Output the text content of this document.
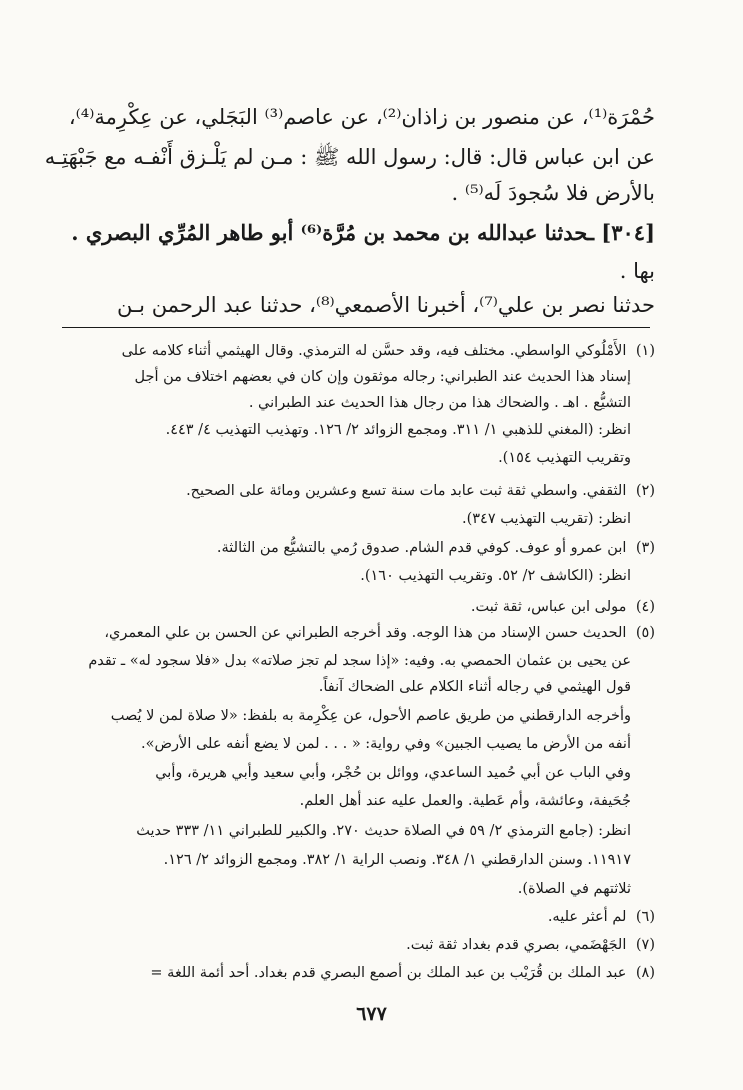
حُمْرَة⁽¹⁾، عن منصور بن زاذان⁽²⁾، عن عاصم⁽³⁾ البَجَلي، عن عِكْرِمة⁽⁴⁾،
عن ابن عباس قال: قال: رسول الله ﷺ : مـن لم يَلْـزق أَنْفـه مع جَبْهَتِـه
بالأرض فلا سُجودَ لَه⁽⁵⁾ .
[٣٠٤] ـحدثنا عبدالله بن محمد بن مُرَّة⁽⁶⁾ أبو طاهر المُرِّي البصري .
بها .
حدثنا نصر بن علي⁽⁷⁾، أخبرنا الأصمعي⁽⁸⁾، حدثنا عبد الرحمن بـن
(١) الأَمْلُوكي الواسطي. مختلف فيه، وقد حسَّن له الترمذي. وقال الهيثمي أثناء كلامه على
إسناد هذا الحديث عند الطبراني: رجاله موثقون وإن كان في بعضهم اختلاف من أجل
التشيُّع . اهـ . والضحاك هذا من رجال هذا الحديث عند الطبراني .
انظر: (المغني للذهبي ١/ ٣١١. ومجمع الزوائد ٢/ ١٢٦. وتهذيب التهذيب ٤/ ٤٤٣.
وتقريب التهذيب ١٥٤).
(٢) الثقفي. واسطي ثقة ثبت عابد مات سنة تسع وعشرين ومائة على الصحيح.
انظر: (تقريب التهذيب ٣٤٧).
(٣) ابن عمرو أو عوف. كوفي قدم الشام. صدوق رُمي بالتشيُّع من الثالثة.
انظر: (الكاشف ٢/ ٥٢. وتقريب التهذيب ١٦٠).
(٤) مولى ابن عباس، ثقة ثبت.
(٥) الحديث حسن الإسناد من هذا الوجه. وقد أخرجه الطبراني عن الحسن بن علي المعمري،
عن يحيى بن عثمان الحمصي به. وفيه: «إذا سجد لم تجز صلاته» بدل «فلا سجود له» ـ تقدم
قول الهيثمي في رجاله أثناء الكلام على الضحاك آنفاً.
وأخرجه الدارقطني من طريق عاصم الأحول، عن عِكْرِمة به بلفظ: «لا صلاة لمن لا يُصب
أنفه من الأرض ما يصيب الجبين» وفي رواية: « . . . لمن لا يضع أنفه على الأرض».
وفي الباب عن أبي حُميد الساعدي، ووائل بن حُجْر، وأبي سعيد وأبي هريرة، وأبي
جُحَيفة، وعائشة، وأم عَطية. والعمل عليه عند أهل العلم.
انظر: (جامع الترمذي ٢/ ٥٩ في الصلاة حديث ٢٧٠. والكبير للطبراني ١١/ ٣٣٣ حديث
١١٩١٧. وسنن الدارقطني ١/ ٣٤٨. ونصب الراية ١/ ٣٨٢. ومجمع الزوائد ٢/ ١٢٦.
ثلاثتهم في الصلاة).
(٦) لم أعثر عليه.
(٧) الجَهْضَمي، بصري قدم بغداد ثقة ثبت.
(٨) عبد الملك بن قُرَيْب بن عبد الملك بن أصمع البصري قدم بغداد. أحد أئمة اللغة =
٦٧٧
